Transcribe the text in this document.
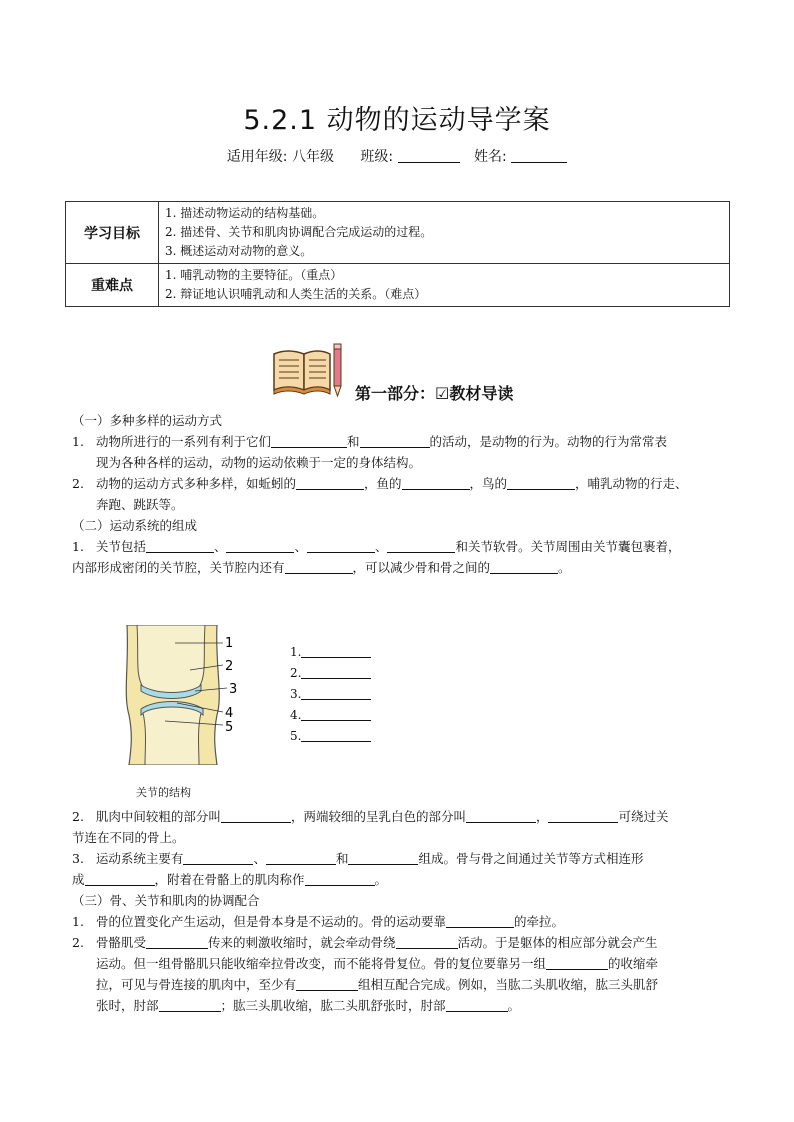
5.2.1 动物的运动导学案
适用年级: 八年级 班级:	姓名:
学习目标	1. 描述动物运动的结构基础。
2. 描述骨、关节和肌肉协调配合完成运动的过程。
3. 概述运动对动物的意义。

重难点	1. 哺乳动物的主要特征。（重点）
2. 辩证地认识哺乳动和人类生活的关系。（难点）
第一部分：☑教材导读
（一）多种多样的运动方式
1. 动物所进行的一系列有利于它们	和	的活动，是动物的行为。动物的行为常常表
现为各种各样的运动，动物的运动依赖于一定的身体结构。
2. 动物的运动方式多种多样，如蚯蚓的	，鱼的	，鸟的	，哺乳动物的行走、
奔跑、跳跃等。
（二）运动系统的组成
1. 关节包括	、	、	、	和关节软骨。关节周围由关节囊包裹着，
内部形成密闭的关节腔，关节腔内还有	，可以减少骨和骨之间的	。
1
2
3
4
5
关节的结构
1.
2.
3.
4.
5.
2. 肌肉中间较粗的部分叫	，两端较细的呈乳白色的部分叫	，	可绕过关
节连在不同的骨上。
3. 运动系统主要有	、	和	组成。骨与骨之间通过关节等方式相连形
成	，附着在骨骼上的肌肉称作	。
（三）骨、关节和肌肉的协调配合
1. 骨的位置变化产生运动，但是骨本身是不运动的。骨的运动要靠	的牵拉。
2. 骨骼肌受	传来的刺激收缩时，就会牵动骨绕	活动。于是躯体的相应部分就会产生
运动。但一组骨骼肌只能收缩牵拉骨改变，而不能将骨复位。骨的复位要靠另一组	的收缩牵
拉，可见与骨连接的肌肉中，至少有	组相互配合完成。例如，当肱二头肌收缩，肱三头肌舒
张时，肘部	；肱三头肌收缩，肱二头肌舒张时，肘部	。
